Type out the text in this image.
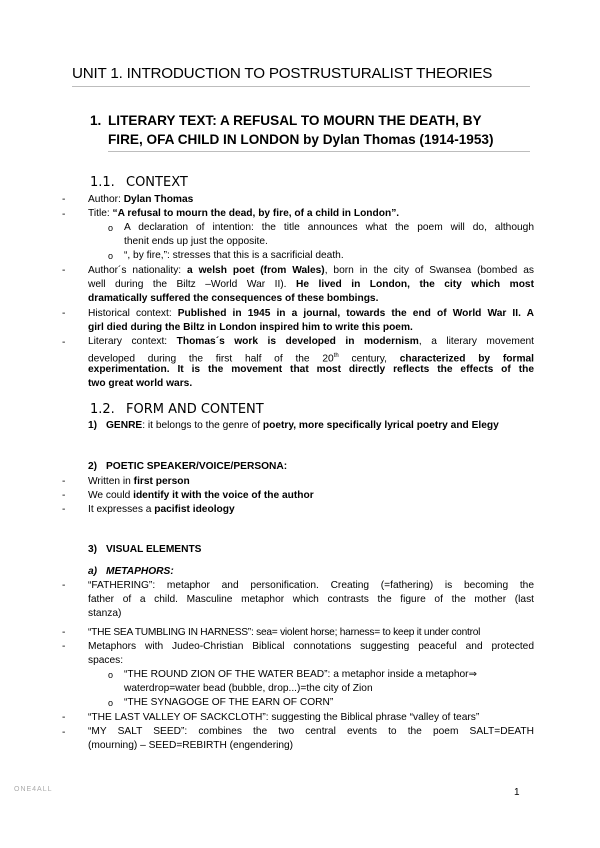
UNIT 1. INTRODUCTION TO POSTRUSTURALIST THEORIES
1. LITERARY TEXT: A REFUSAL TO MOURN THE DEATH, BY
FIRE, OFA CHILD IN LONDON by Dylan Thomas (1914-1953)
1.1. CONTEXT
- Author: Dylan Thomas
- Title: “A refusal to mourn the dead, by fire, of a child in London”.
o A declaration of intention: the title announces what the poem will do, although
thenit ends up just the opposite.
o “, by fire,”: stresses that this is a sacrificial death.
- Author´s nationality: a welsh poet (from Wales), born in the city of Swansea (bombed as
well during the Biltz –World War II). He lived in London, the city which most
dramatically suffered the consequences of these bombings.
- Historical context: Published in 1945 in a journal, towards the end of World War II. A
girl died during the Biltz in London inspired him to write this poem.
- Literary context: Thomas´s work is developed in modernism, a literary movement
developed during the first half of the 20th century, characterized by formal
experimentation. It is the movement that most directly reflects the effects of the
two great world wars.
1.2. FORM AND CONTENT
1) GENRE: it belongs to the genre of poetry, more specifically lyrical poetry and Elegy
2) POETIC SPEAKER/VOICE/PERSONA:
- Written in first person
- We could identify it with the voice of the author
- It expresses a pacifist ideology
3) VISUAL ELEMENTS
a) METAPHORS:
- “FATHERING”: metaphor and personification. Creating (=fathering) is becoming the
father of a child. Masculine metaphor which contrasts the figure of the mother (last
stanza)
- “THE SEA TUMBLING IN HARNESS”: sea= violent horse; harness= to keep it under control
- Metaphors with Judeo-Christian Biblical connotations suggesting peaceful and protected
spaces:
o “THE ROUND ZION OF THE WATER BEAD”: a metaphor inside a metaphor⇒
waterdrop=water bead (bubble, drop...)=the city of Zion
o “THE SYNAGOGE OF THE EARN OF CORN”
- “THE LAST VALLEY OF SACKCLOTH”: suggesting the Biblical phrase “valley of tears”
- “MY SALT SEED”: combines the two central events to the poem SALT=DEATH
(mourning) – SEED=REBIRTH (engendering)
ONE4ALL	1
